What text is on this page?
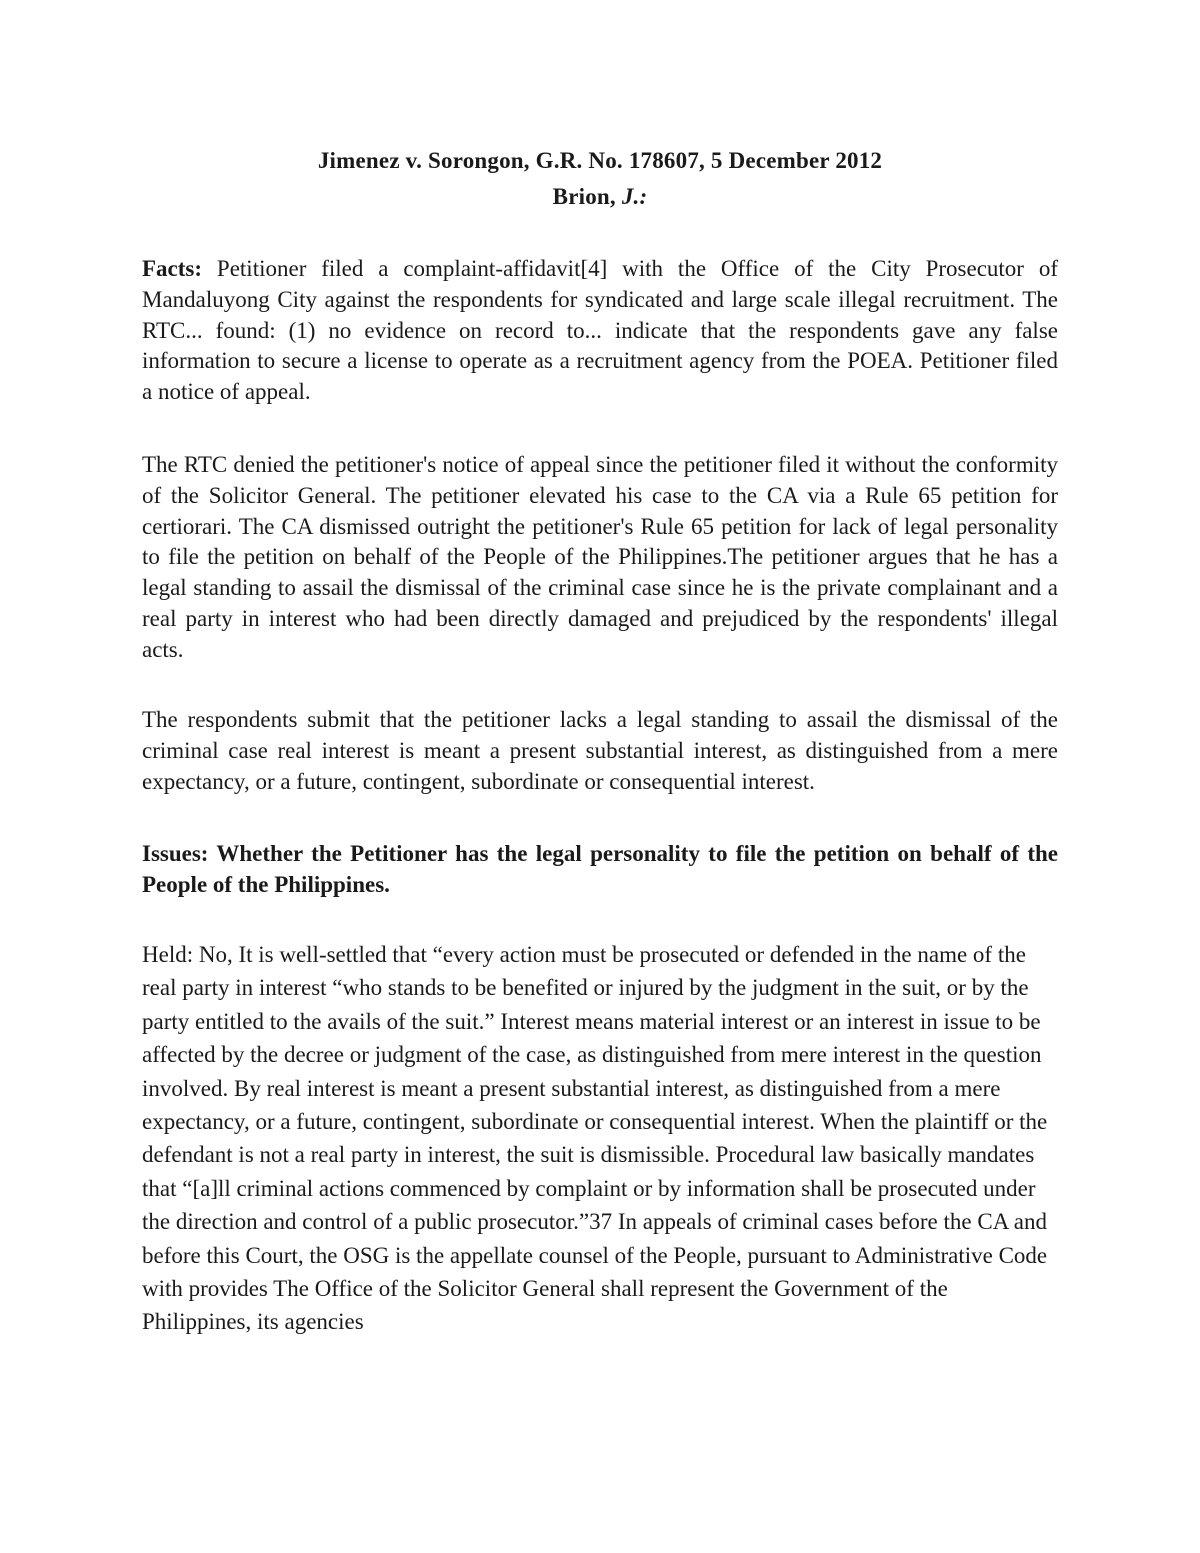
Jimenez v. Sorongon, G.R. No. 178607, 5 December 2012
Brion, J.:

Facts: Petitioner filed a complaint-affidavit[4] with the Office of the City Prosecutor of Mandaluyong City against the respondents for syndicated and large scale illegal recruitment. The RTC... found: (1) no evidence on record to... indicate that the respondents gave any false information to secure a license to operate as a recruitment agency from the POEA. Petitioner filed a notice of appeal.

The RTC denied the petitioner's notice of appeal since the petitioner filed it without the conformity of the Solicitor General. The petitioner elevated his case to the CA via a Rule 65 petition for certiorari. The CA dismissed outright the petitioner's Rule 65 petition for lack of legal personality to file the petition on behalf of the People of the Philippines.The petitioner argues that he has a legal standing to assail the dismissal of the criminal case since he is the private complainant and a real party in interest who had been directly damaged and prejudiced by the respondents' illegal acts.

The respondents submit that the petitioner lacks a legal standing to assail the dismissal of the criminal case real interest is meant a present substantial interest, as distinguished from a mere expectancy, or a future, contingent, subordinate or consequential interest.

Issues: Whether the Petitioner has the legal personality to file the petition on behalf of the People of the Philippines.

Held: No, It is well-settled that “every action must be prosecuted or defended in the name of the real party in interest “who stands to be benefited or injured by the judgment in the suit, or by the party entitled to the avails of the suit.” Interest means material interest or an interest in issue to be affected by the decree or judgment of the case, as distinguished from mere interest in the question involved. By real interest is meant a present substantial interest, as distinguished from a mere expectancy, or a future, contingent, subordinate or consequential interest. When the plaintiff or the defendant is not a real party in interest, the suit is dismissible. Procedural law basically mandates that “[a]ll criminal actions commenced by complaint or by information shall be prosecuted under the direction and control of a public prosecutor.”37 In appeals of criminal cases before the CA and before this Court, the OSG is the appellate counsel of the People, pursuant to Administrative Code with provides The Office of the Solicitor General shall represent the Government of the Philippines, its agencies
